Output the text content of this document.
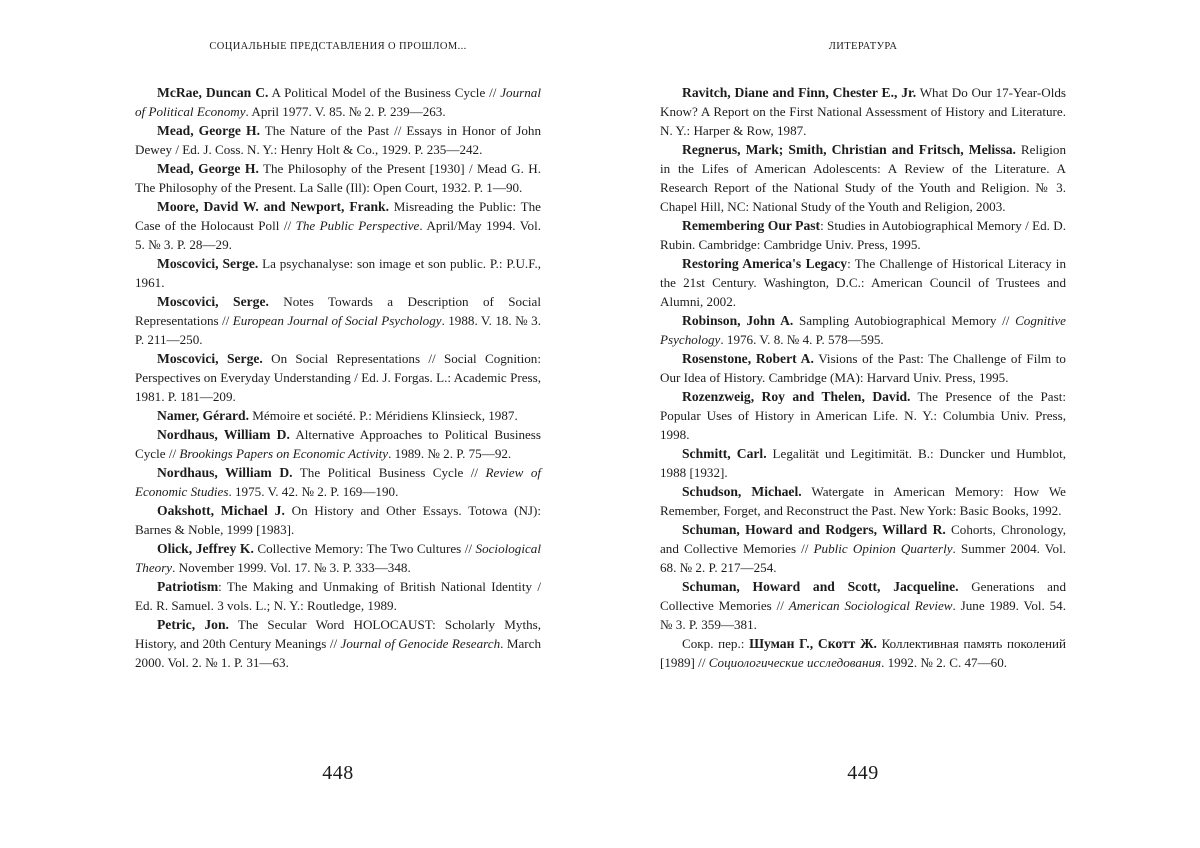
СОЦИАЛЬНЫЕ ПРЕДСТАВЛЕНИЯ О ПРОШЛОМ...

McRae, Duncan C. A Political Model of the Business Cycle // Journal of Political Economy. April 1977. V. 85. № 2. P. 239—263.

Mead, George H. The Nature of the Past // Essays in Honor of John Dewey / Ed. J. Coss. N. Y.: Henry Holt & Co., 1929. P. 235—242.

Mead, George H. The Philosophy of the Present [1930] / Mead G. H. The Philosophy of the Present. La Salle (Ill): Open Court, 1932. P. 1—90.

Moore, David W. and Newport, Frank. Misreading the Public: The Case of the Holocaust Poll // The Public Perspective. April/May 1994. Vol. 5. № 3. P. 28—29.

Moscovici, Serge. La psychanalyse: son image et son public. P.: P.U.F., 1961.

Moscovici, Serge. Notes Towards a Description of Social Representations // European Journal of Social Psychology. 1988. V. 18. № 3. P. 211—250.

Moscovici, Serge. On Social Representations // Social Cognition: Perspectives on Everyday Understanding / Ed. J. Forgas. L.: Academic Press, 1981. P. 181—209.

Namer, Gérard. Mémoire et société. P.: Méridiens Klinsieck, 1987.

Nordhaus, William D. Alternative Approaches to Political Business Cycle // Brookings Papers on Economic Activity. 1989. № 2. P. 75—92.

Nordhaus, William D. The Political Business Cycle // Review of Economic Studies. 1975. V. 42. № 2. P. 169—190.

Oakshott, Michael J. On History and Other Essays. Totowa (NJ): Barnes & Noble, 1999 [1983].

Olick, Jeffrey K. Collective Memory: The Two Cultures // Sociological Theory. November 1999. Vol. 17. № 3. P. 333—348.

Patriotism: The Making and Unmaking of British National Identity / Ed. R. Samuel. 3 vols. L.; N. Y.: Routledge, 1989.

Petric, Jon. The Secular Word HOLOCAUST: Scholarly Myths, History, and 20th Century Meanings // Journal of Genocide Research. March 2000. Vol. 2. № 1. P. 31—63.

448
ЛИТЕРАТУРА

Ravitch, Diane and Finn, Chester E., Jr. What Do Our 17-Year-Olds Know? A Report on the First National Assessment of History and Literature. N. Y.: Harper & Row, 1987.

Regnerus, Mark; Smith, Christian and Fritsch, Melissa. Religion in the Lifes of American Adolescents: A Review of the Literature. A Research Report of the National Study of the Youth and Religion. № 3. Chapel Hill, NC: National Study of the Youth and Religion, 2003.

Remembering Our Past: Studies in Autobiographical Memory / Ed. D. Rubin. Cambridge: Cambridge Univ. Press, 1995.

Restoring America's Legacy: The Challenge of Historical Literacy in the 21st Century. Washington, D.C.: American Council of Trustees and Alumni, 2002.

Robinson, John A. Sampling Autobiographical Memory // Cognitive Psychology. 1976. V. 8. № 4. P. 578—595.

Rosenstone, Robert A. Visions of the Past: The Challenge of Film to Our Idea of History. Cambridge (MA): Harvard Univ. Press, 1995.

Rozenzweig, Roy and Thelen, David. The Presence of the Past: Popular Uses of History in American Life. N. Y.: Columbia Univ. Press, 1998.

Schmitt, Carl. Legalität und Legitimität. B.: Duncker und Humblot, 1988 [1932].

Schudson, Michael. Watergate in American Memory: How We Remember, Forget, and Reconstruct the Past. New York: Basic Books, 1992.

Schuman, Howard and Rodgers, Willard R. Cohorts, Chronology, and Collective Memories // Public Opinion Quarterly. Summer 2004. Vol. 68. № 2. P. 217—254.

Schuman, Howard and Scott, Jacqueline. Generations and Collective Memories // American Sociological Review. June 1989. Vol. 54. № 3. P. 359—381.

Сокр. пер.: Шуман Г., Скотт Ж. Коллективная память поколений [1989] // Социологические исследования. 1992. № 2. С. 47—60.

449
